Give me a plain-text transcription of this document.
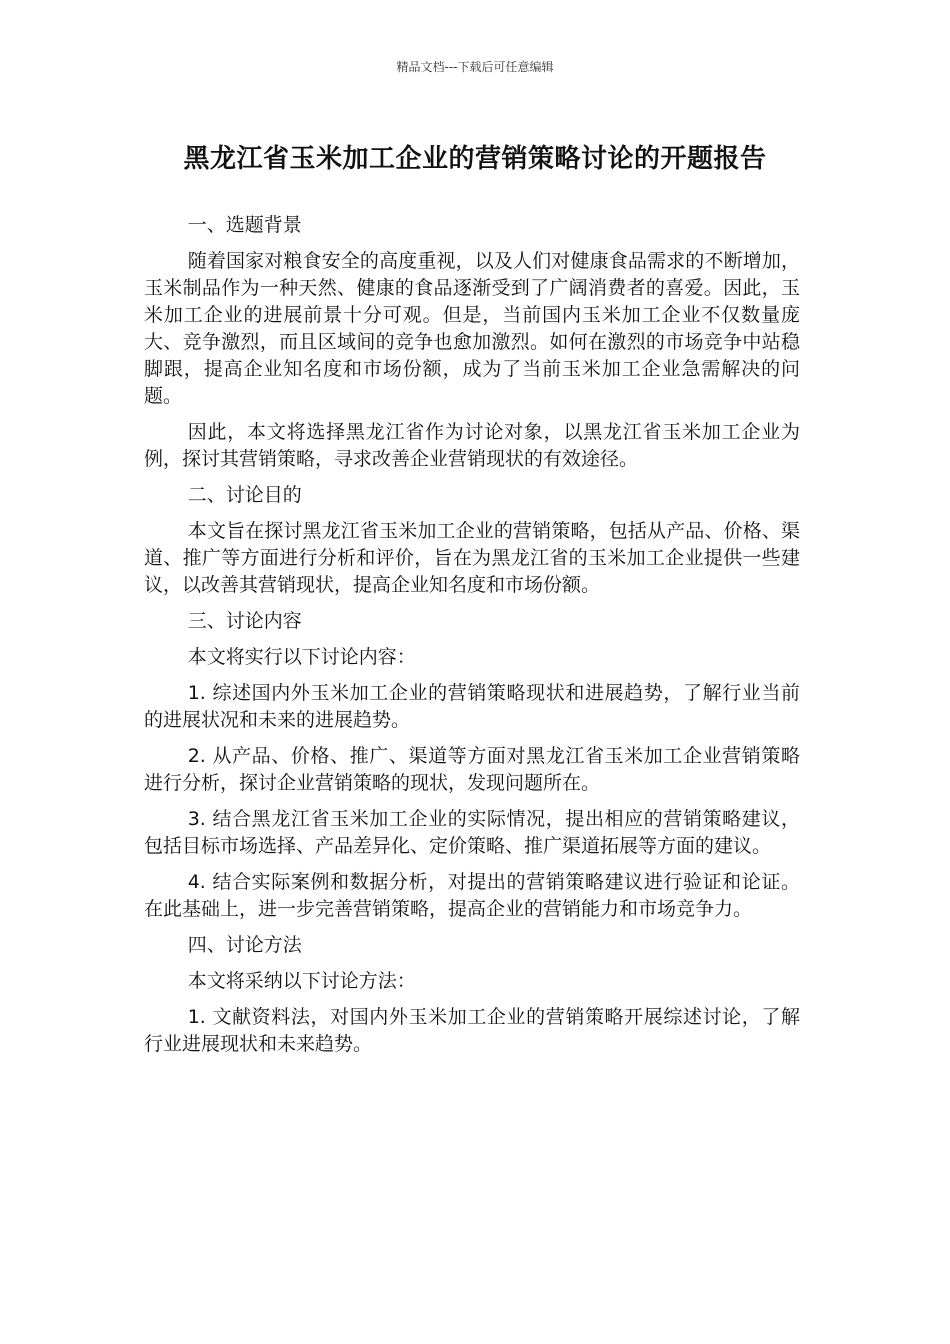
精品文档---下载后可任意编辑
黑龙江省玉米加工企业的营销策略讨论的开题报告

一、选题背景

随着国家对粮食安全的高度重视，以及人们对健康食品需求的不断增加，玉米制品作为一种天然、健康的食品逐渐受到了广阔消费者的喜爱。因此，玉米加工企业的进展前景十分可观。但是，当前国内玉米加工企业不仅数量庞大、竞争激烈，而且区域间的竞争也愈加激烈。如何在激烈的市场竞争中站稳脚跟，提高企业知名度和市场份额，成为了当前玉米加工企业急需解决的问题。

因此，本文将选择黑龙江省作为讨论对象，以黑龙江省玉米加工企业为例，探讨其营销策略，寻求改善企业营销现状的有效途径。

二、讨论目的

本文旨在探讨黑龙江省玉米加工企业的营销策略，包括从产品、价格、渠道、推广等方面进行分析和评价，旨在为黑龙江省的玉米加工企业提供一些建议，以改善其营销现状，提高企业知名度和市场份额。

三、讨论内容

本文将实行以下讨论内容：

1. 综述国内外玉米加工企业的营销策略现状和进展趋势，了解行业当前的进展状况和未来的进展趋势。

2. 从产品、价格、推广、渠道等方面对黑龙江省玉米加工企业营销策略进行分析，探讨企业营销策略的现状，发现问题所在。

3. 结合黑龙江省玉米加工企业的实际情况，提出相应的营销策略建议，包括目标市场选择、产品差异化、定价策略、推广渠道拓展等方面的建议。

4. 结合实际案例和数据分析，对提出的营销策略建议进行验证和论证。在此基础上，进一步完善营销策略，提高企业的营销能力和市场竞争力。

四、讨论方法

本文将采纳以下讨论方法：

1. 文献资料法，对国内外玉米加工企业的营销策略开展综述讨论，了解行业进展现状和未来趋势。
